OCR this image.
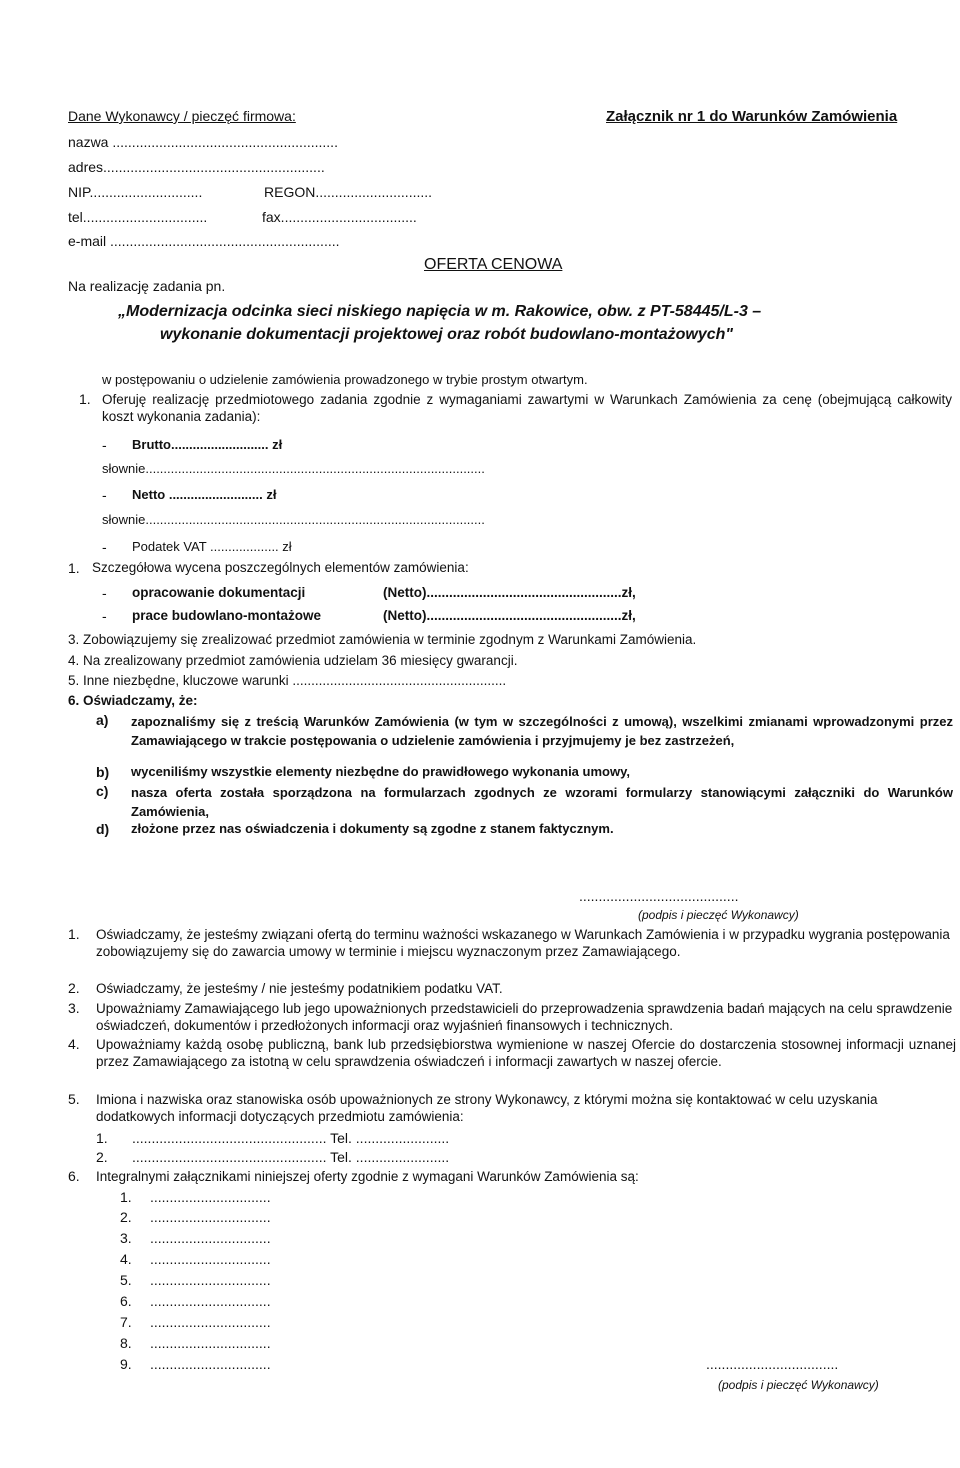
Dane Wykonawcy / pieczęć firmowa:	Załącznik nr 1 do Warunków Zamówienia
nazwa ..........................................................
adres.........................................................
NIP.............................	REGON..............................
tel................................	fax...................................
e-mail ...........................................................
OFERTA CENOWA
Na realizację zadania pn.
„Modernizacja odcinka sieci niskiego napięcia w m. Rakowice, obw. z PT-58445/L-3 –
wykonanie dokumentacji projektowej oraz robót budowlano-montażowych"
w postępowaniu o udzielenie zamówienia prowadzonego w trybie prostym otwartym.
1. Oferuję realizację przedmiotowego zadania zgodnie z wymaganiami zawartymi w Warunkach Zamówienia za cenę (obejmującą całkowity koszt wykonania zadania):
- Brutto........................... zł
słownie..............................................................................................
- Netto .......................... zł
słownie..............................................................................................
- Podatek VAT ................... zł
1. Szczegółowa wycena poszczególnych elementów zamówienia:
- opracowanie dokumentacji	(Netto)....................................................zł,
- prace budowlano-montażowe	(Netto)....................................................zł,
3. Zobowiązujemy się zrealizować przedmiot zamówienia w terminie zgodnym z Warunkami Zamówienia.
4. Na zrealizowany przedmiot zamówienia udzielam 36 miesięcy gwarancji.
5. Inne niezbędne, kluczowe warunki .........................................................
6. Oświadczamy, że:
a) zapoznaliśmy się z treścią Warunków Zamówienia (w tym w szczególności z umową), wszelkimi zmianami wprowadzonymi przez Zamawiającego w trakcie postępowania o udzielenie zamówienia i przyjmujemy je bez zastrzeżeń,
b) wyceniliśmy wszystkie elementy niezbędne do prawidłowego wykonania umowy,
c) nasza oferta została sporządzona na formularzach zgodnych ze wzorami formularzy stanowiącymi załączniki do Warunków Zamówienia,
d) złożone przez nas oświadczenia i dokumenty są zgodne z stanem faktycznym.
.........................................
(podpis i pieczęć Wykonawcy)
1. Oświadczamy, że jesteśmy związani ofertą do terminu ważności wskazanego w Warunkach Zamówienia i w przypadku wygrania postępowania zobowiązujemy się do zawarcia umowy w terminie i miejscu wyznaczonym przez Zamawiającego.
2. Oświadczamy, że jesteśmy / nie jesteśmy podatnikiem podatku VAT.
3. Upoważniamy Zamawiającego lub jego upoważnionych przedstawicieli do przeprowadzenia sprawdzenia badań mających na celu sprawdzenie oświadczeń, dokumentów i przedłożonych informacji oraz wyjaśnień finansowych i technicznych.
4. Upoważniamy każdą osobę publiczną, bank lub przedsiębiorstwa wymienione w naszej Ofercie do dostarczenia stosownej informacji uznanej przez Zamawiającego za istotną w celu sprawdzenia oświadczeń i informacji zawartych w naszej ofercie.
5. Imiona i nazwiska oraz stanowiska osób upoważnionych ze strony Wykonawcy, z którymi można się kontaktować w celu uzyskania dodatkowych informacji dotyczących przedmiotu zamówienia:
1. .................................................. Tel. ........................
2. .................................................. Tel. ........................
6. Integralnymi załącznikami niniejszej oferty zgodnie z wymagani Warunków Zamówienia są:
1. ...............................
2. ...............................
3. ...............................
4. ...............................
5. ...............................
6. ...............................
7. ...............................
8. ...............................
9. ...............................	..................................
(podpis i pieczęć Wykonawcy)
